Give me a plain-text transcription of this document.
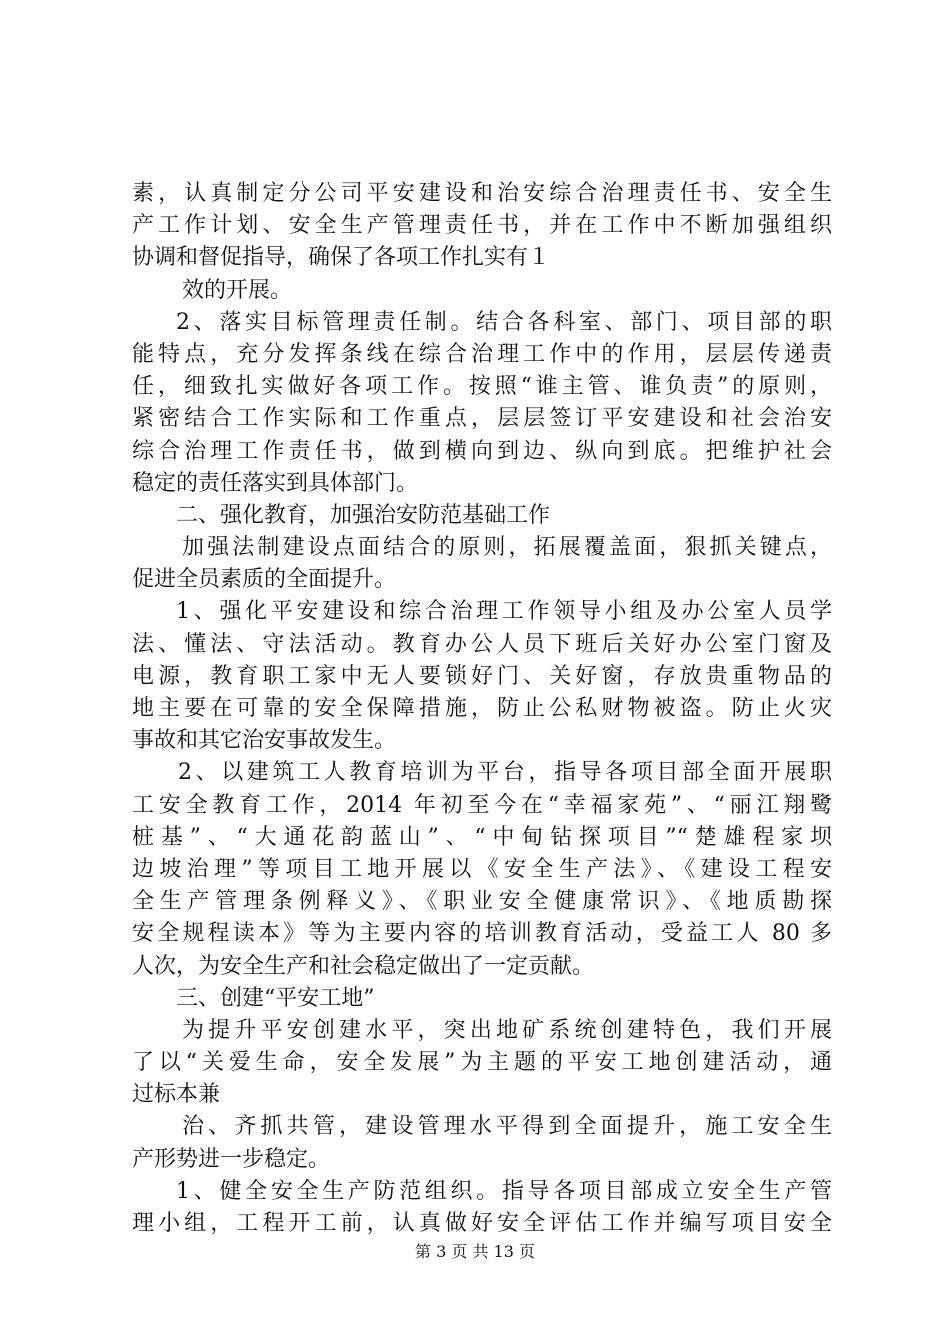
素，认真制定分公司平安建设和治安综合治理责任书、安全生
产工作计划、安全生产管理责任书，并在工作中不断加强组织
协调和督促指导，确保了各项工作扎实有１
效的开展。
2、落实目标管理责任制。结合各科室、部门、项目部的职
能特点，充分发挥条线在综合治理工作中的作用，层层传递责
任，细致扎实做好各项工作。按照“谁主管、谁负责”的原则，
紧密结合工作实际和工作重点，层层签订平安建设和社会治安
综合治理工作责任书，做到横向到边、纵向到底。把维护社会
稳定的责任落实到具体部门。
二、强化教育，加强治安防范基础工作
加强法制建设点面结合的原则，拓展覆盖面，狠抓关键点，
促进全员素质的全面提升。
1、强化平安建设和综合治理工作领导小组及办公室人员学
法、懂法、守法活动。教育办公人员下班后关好办公室门窗及
电源，教育职工家中无人要锁好门、关好窗，存放贵重物品的
地主要在可靠的安全保障措施，防止公私财物被盗。防止火灾
事故和其它治安事故发生。
2、以建筑工人教育培训为平台，指导各项目部全面开展职
工安全教育工作，2014 年初至今在“幸福家苑”、“丽江翔鹭
桩基”、“大通花韵蓝山”、“中甸钻探项目”“楚雄程家坝
边坡治理”等项目工地开展以《安全生产法》、《建设工程安
全生产管理条例释义》、《职业安全健康常识》、《地质勘探
安全规程读本》等为主要内容的培训教育活动，受益工人 80 多
人次，为安全生产和社会稳定做出了一定贡献。
三、创建“平安工地”
为提升平安创建水平，突出地矿系统创建特色，我们开展
了以“关爱生命，安全发展”为主题的平安工地创建活动，通
过标本兼
治、齐抓共管，建设管理水平得到全面提升，施工安全生
产形势进一步稳定。
1、健全安全生产防范组织。指导各项目部成立安全生产管
理小组，工程开工前，认真做好安全评估工作并编写项目安全
第 3 页 共 13 页
